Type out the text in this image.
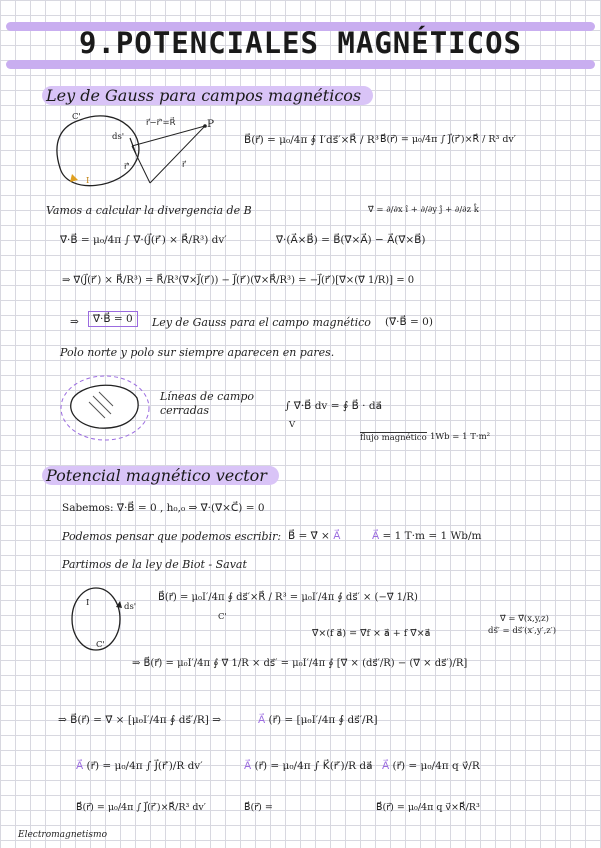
9.POTENCIALES MAGNÉTICOS
Ley de Gauss para campos magnéticos
C'
ds'
r⃗−r⃗'=R⃗	P
r⃗'	r⃗
I
B⃗(r⃗) = μ₀/4π ∮ I′ds⃗′×R⃗ / R³ B⃗(r⃗) = μ₀/4π ∫ J⃗(r⃗′)×R⃗ / R³ dv′
Vamos a calcular la divergencia de B	∇⃗ = ∂/∂x î + ∂/∂y ĵ + ∂/∂z k̂
∇⃗·B⃗ = μ₀/4π ∫ ∇⃗·(J⃗(r⃗′) × R⃗/R³) dv′	∇⃗·(A⃗×B⃗) = B⃗(∇⃗×A⃗) − A⃗(∇⃗×B⃗)
⇒ ∇⃗(J⃗(r⃗′) × R⃗/R³) = R⃗/R³(∇⃗×J⃗(r⃗′)) − J⃗(r⃗′)(∇⃗×R⃗/R³) = −J⃗(r⃗′)[∇⃗×(∇⃗ 1/R)] = 0
⇒	∇⃗·B⃗ = 0	Ley de Gauss para el campo magnético (∇⃗·B⃗ = 0)
Polo norte y polo sur siempre aparecen en pares.
Líneas de campo
cerradas	∫ ∇⃗·B⃗ dv = ∮ B⃗ · da⃗
V
flujo magnético 1Wb = 1 T·m²
Potencial magnético vector
Sabemos: ∇⃗·B⃗ = 0 , h₀,₀ ⇒ ∇⃗·(∇⃗×C⃗) = 0
Podemos pensar que podemos escribir: B⃗ = ∇⃗ × A⃗	A⃗ = 1 T·m = 1 Wb/m
Partimos de la ley de Biot - Savat
I	ds'
C'
B⃗(r⃗) = μ₀I′/4π ∮ ds⃗′×R⃗ / R³ = μ₀I′/4π ∮ ds⃗′ × (−∇⃗ 1/R)
C'
∇⃗×(f a⃗) = ∇⃗f × a⃗ + f ∇⃗×a⃗
∇⃗ = ∇⃗(x,y,z)
ds⃗′ = ds⃗′(x′,y′,z′)
⇒ B⃗(r⃗) = μ₀I′/4π ∮ ∇⃗ 1/R × ds⃗′ = μ₀I′/4π ∮ [∇⃗ × (ds⃗′/R) − (∇⃗ × ds⃗′)/R]
⇒ B⃗(r⃗) = ∇⃗ × [μ₀I′/4π ∮ ds⃗′/R] ⇒	A⃗ (r⃗) = [μ₀I′/4π ∮ ds⃗′/R]
A⃗ (r⃗) = μ₀/4π ∫ J⃗(r⃗′)/R dv′	A⃗ (r⃗) = μ₀/4π ∫ K⃗(r⃗′)/R da⃗ A⃗ (r⃗) = μ₀/4π q v⃗/R
B⃗(r⃗) = μ₀/4π ∫ J⃗(r⃗′)×R⃗/R³ dv′	B⃗(r⃗) =	B⃗(r⃗) = μ₀/4π q v⃗×R⃗/R³
Electromagnetismo
